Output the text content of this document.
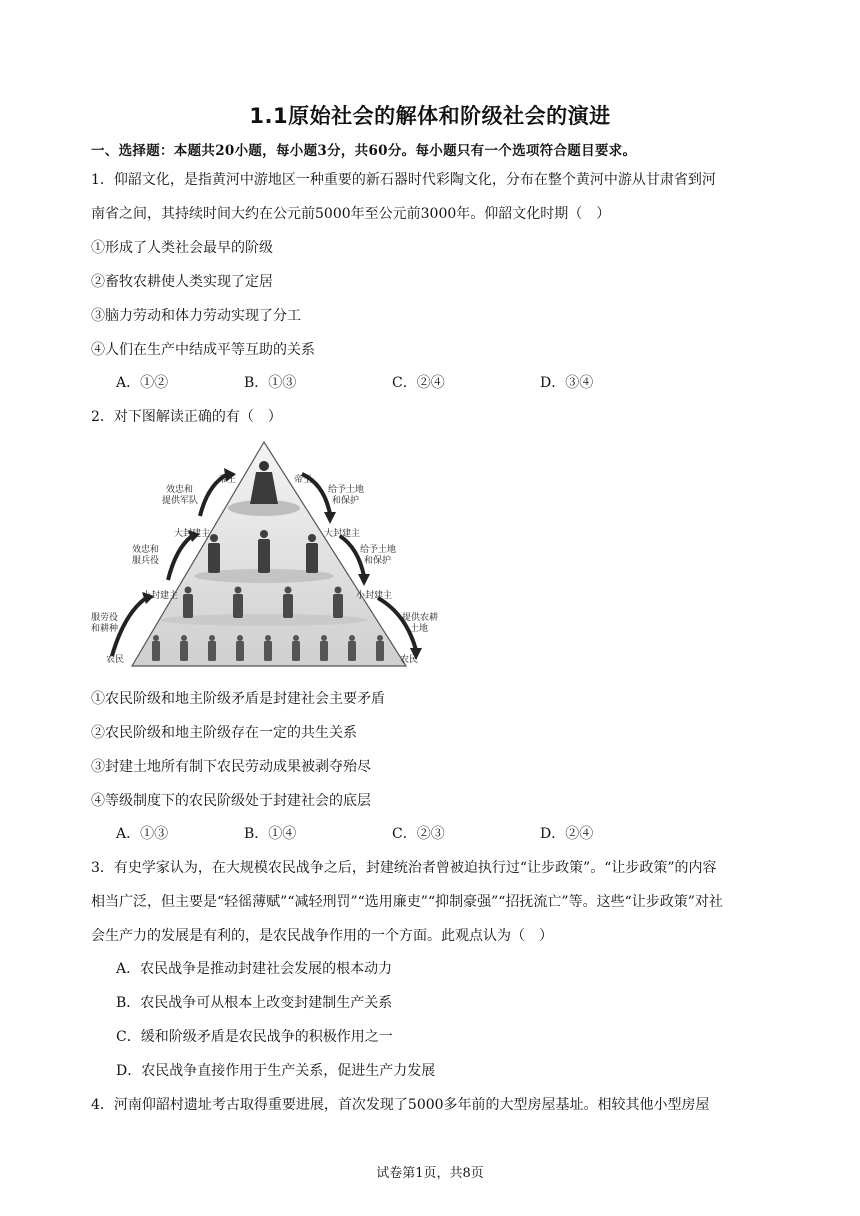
1.1原始社会的解体和阶级社会的演进
一、选择题：本题共20小题，每小题3分，共60分。每小题只有一个选项符合题目要求。
1．仰韶文化，是指黄河中游地区一种重要的新石器时代彩陶文化，分布在整个黄河中游从甘肃省到河
南省之间，其持续时间大约在公元前5000年至公元前3000年。仰韶文化时期（　）
①形成了人类社会最早的阶级
②畜牧农耕使人类实现了定居
③脑力劳动和体力劳动实现了分工
④人们在生产中结成平等互助的关系
A．①②	B．①③	C．②④	D．③④
2．对下图解读正确的有（　）
帝王
效忠和
提供军队
大封建主
效忠和
服兵役
小封建主
服劳役
和耕种
农民
帝王
给予土地
和保护
大封建主
给予土地
和保护
小封建主
提供农耕
土地
农民
①农民阶级和地主阶级矛盾是封建社会主要矛盾
②农民阶级和地主阶级存在一定的共生关系
③封建土地所有制下农民劳动成果被剥夺殆尽
④等级制度下的农民阶级处于封建社会的底层
A．①③	B．①④	C．②③	D．②④
3．有史学家认为，在大规模农民战争之后，封建统治者曾被迫执行过“让步政策”。“让步政策”的内容
相当广泛，但主要是“轻徭薄赋”“减轻刑罚”“选用廉吏”“抑制豪强”“招抚流亡”等。这些“让步政策”对社
会生产力的发展是有利的，是农民战争作用的一个方面。此观点认为（　）
A．农民战争是推动封建社会发展的根本动力
B．农民战争可从根本上改变封建制生产关系
C．缓和阶级矛盾是农民战争的积极作用之一
D．农民战争直接作用于生产关系，促进生产力发展
4．河南仰韶村遗址考古取得重要进展，首次发现了5000多年前的大型房屋基址。相较其他小型房屋
试卷第1页，共8页
